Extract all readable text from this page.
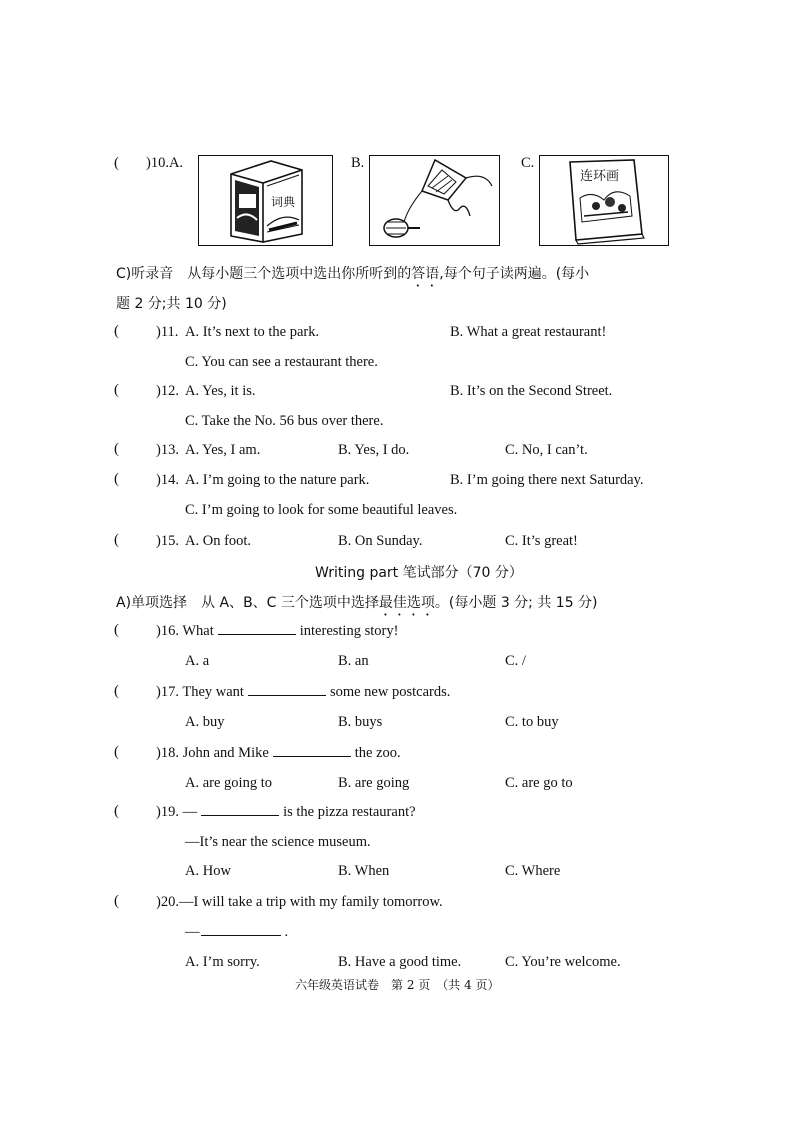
( )10.A.
词典
B.	C.
连环画
C)听录音　从每小题三个选项中选出你所听到的答语,每个句子读两遍。(每小
题 2 分;共 10 分)
(	)11. A. It’s next to the park.	B. What a great restaurant!
C. You can see a restaurant there.
(	)12. A. Yes, it is.	B. It’s on the Second Street.
C. Take the No. 56 bus over there.
(	)13. A. Yes, I am.	B. Yes, I do.	C. No, I can’t.
(	)14. A. I’m going to the nature park.	B. I’m going there next Saturday.
C. I’m going to look for some beautiful leaves.
(	)15. A. On foot.	B. On Sunday.	C. It’s great!
Writing part 笔试部分（70 分）
A)单项选择　从 A、B、C 三个选项中选择最佳选项。(每小题 3 分; 共 15 分)
(	)16. What	interesting story!
A. a	B. an	C. /
(	)17. They want	some new postcards.
A. buy	B. buys	C. to buy
(	)18. John and Mike	the zoo.
A. are going to	B. are going	C. are go to
(	)19. —	is the pizza restaurant?
—It’s near the science museum.
A. How	B. When	C. Where
(	)20.—I will take a trip with my family tomorrow.
—	.
A. I’m sorry.	B. Have a good time.	C. You’re welcome.
六年级英语试卷　第 2 页　（共 4 页）
